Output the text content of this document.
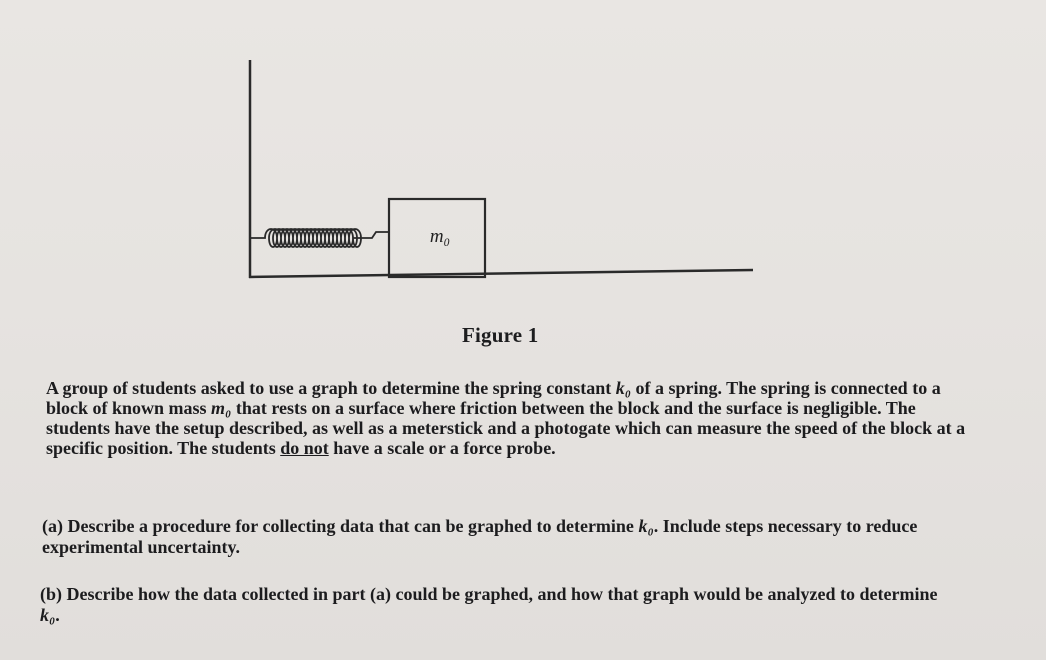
m₀
Figure 1
A group of students asked to use a graph to determine the spring constant k₀ of a spring. The spring is connected to a block of known mass m₀ that rests on a surface where friction between the block and the surface is negligible. The students have the setup described, as well as a meterstick and a photogate which can measure the speed of the block at a specific position. The students do not have a scale or a force probe.
(a) Describe a procedure for collecting data that can be graphed to determine k₀. Include steps necessary to reduce experimental uncertainty.
(b) Describe how the data collected in part (a) could be graphed, and how that graph would be analyzed to determine k₀.
